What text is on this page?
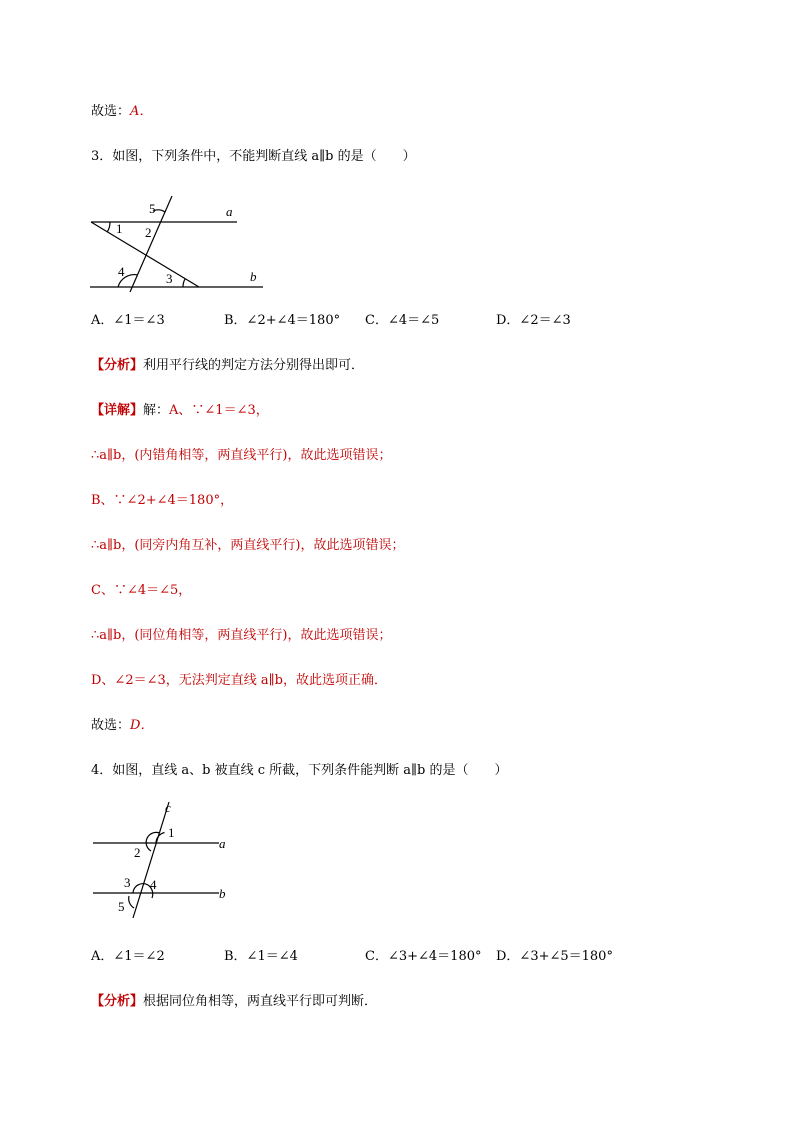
故选：A．
3．如图，下列条件中，不能判断直线 a∥b 的是（　　）
5	a
1 2
4	3	b
A．∠1＝∠3	B．∠2+∠4＝180° C．∠4＝∠5	D．∠2＝∠3
【分析】利用平行线的判定方法分别得出即可．
【详解】解：A、∵∠1＝∠3，
∴a∥b，(内错角相等，两直线平行)，故此选项错误；
B、∵∠2+∠4＝180°，
∴a∥b，(同旁内角互补，两直线平行)，故此选项错误；
C、∵∠4＝∠5，
∴a∥b，(同位角相等，两直线平行)，故此选项错误；
D、∠2＝∠3，无法判定直线 a∥b，故此选项正确．
故选：D．
4．如图，直线 a、b 被直线 c 所截，下列条件能判断 a∥b 的是（　　）
c
1
a
2
3 4
b
5
A．∠1＝∠2	B．∠1＝∠4	C．∠3+∠4＝180° D．∠3+∠5＝180°
【分析】根据同位角相等，两直线平行即可判断．
